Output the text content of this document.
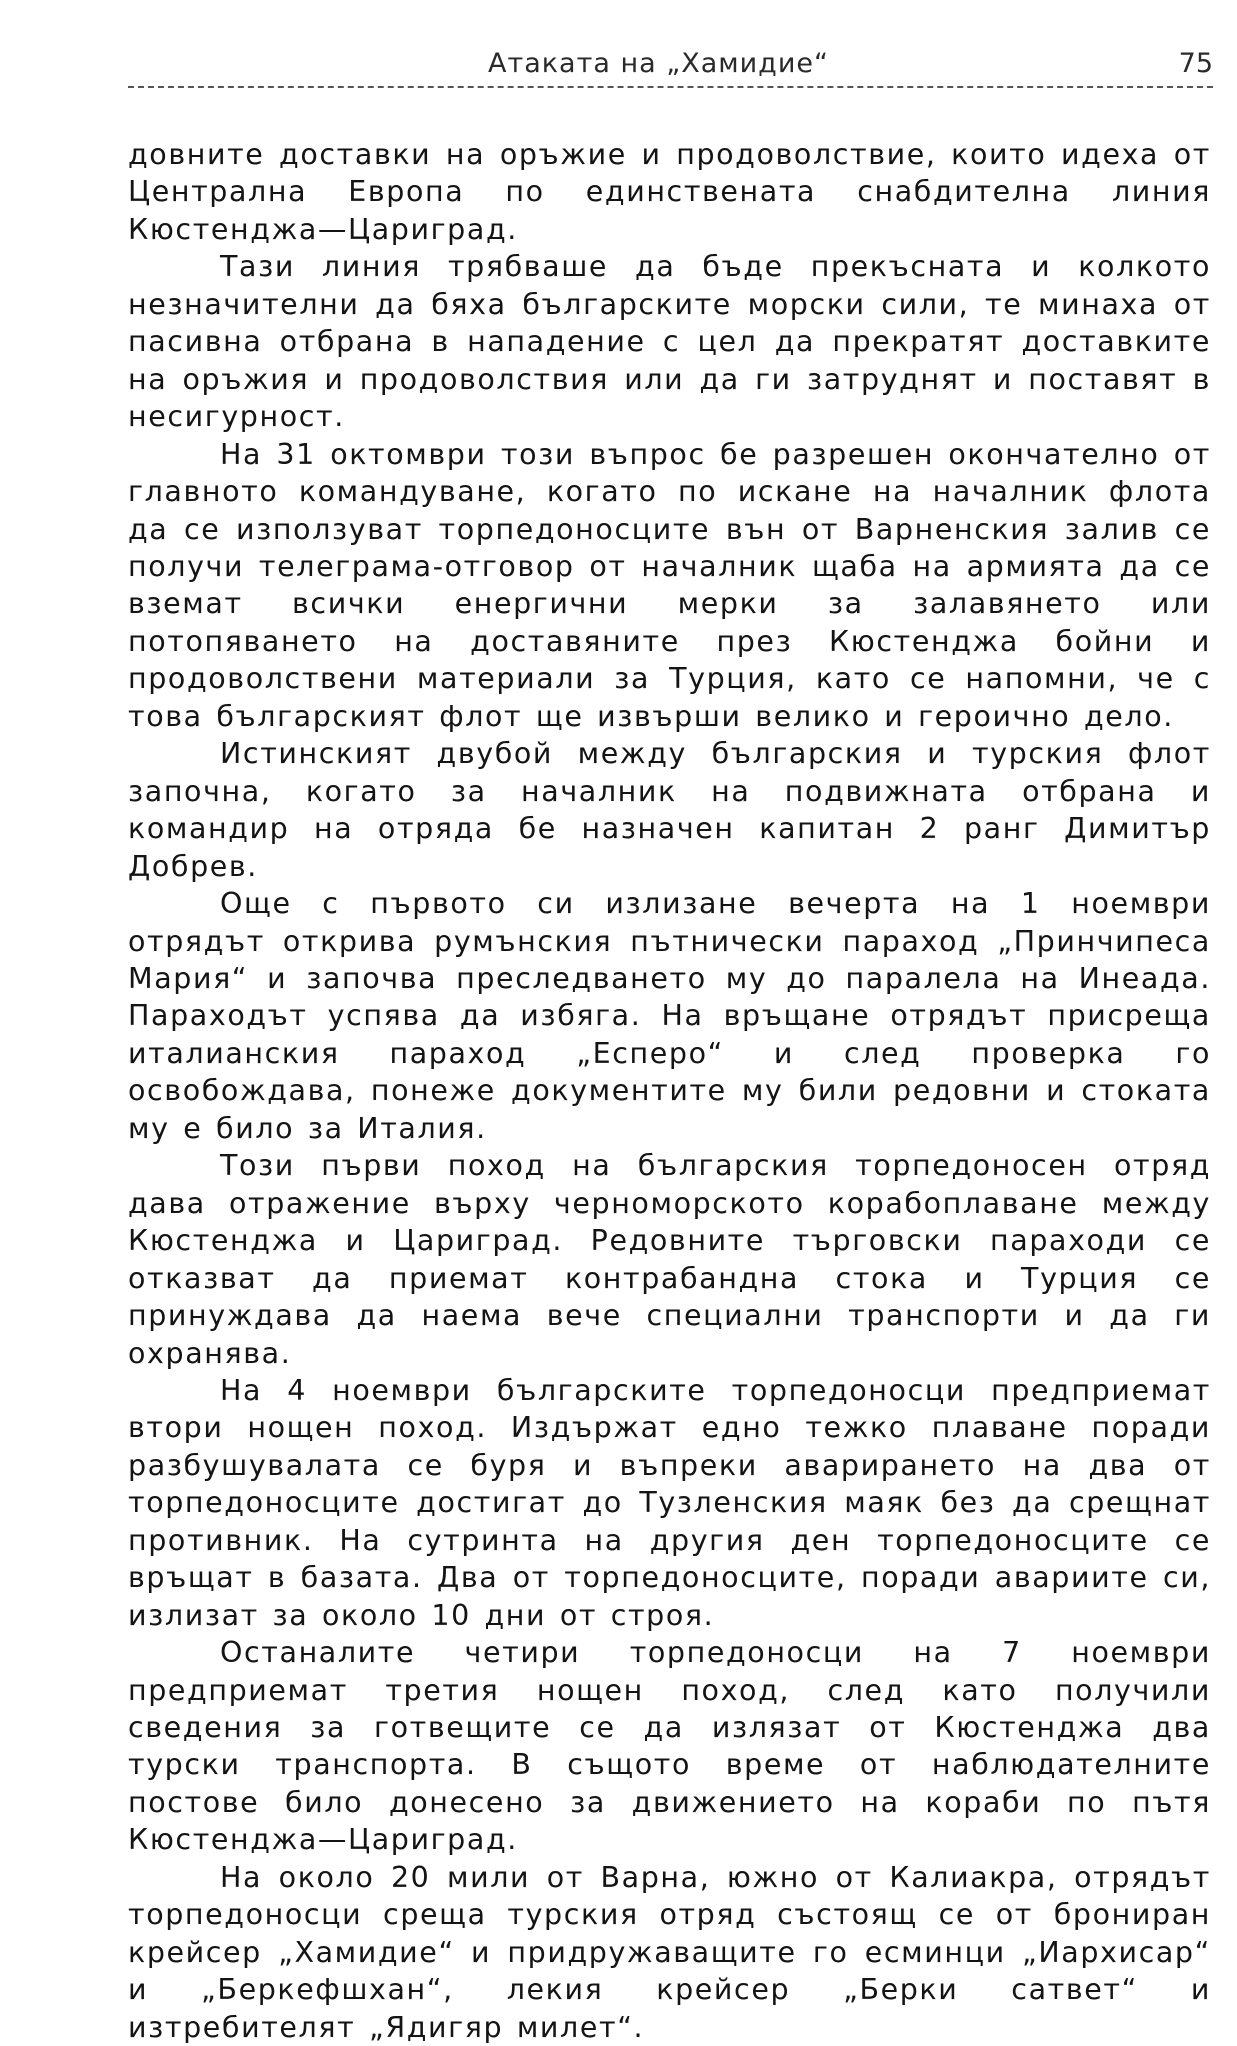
Атаката на „Хамидие“	75

довните доставки на оръжие и продоволствие, които идеха от Централна Европа по единствената снабдителна линия Кюстенджа—Цариград.

Тази линия трябваше да бъде прекъсната и колкото незначителни да бяха българските морски сили, те минаха от пасивна отбрана в нападение с цел да прекратят доставките на оръжия и продоволствия или да ги затруднят и поставят в несигурност.

На 31 октомври този въпрос бе разрешен окончателно от главното командуване, когато по искане на началник флота да се използуват торпедоносците вън от Варненския залив се получи телеграма-отговор от началник щаба на армията да се вземат всички енергични мерки за залавянето или потопяването на доставяните през Кюстенджа бойни и продоволствени материали за Турция, като се напомни, че с това българският флот ще извърши велико и героично дело.

Истинският двубой между българския и турския флот започна, когато за началник на подвижната отбрана и командир на отряда бе назначен капитан 2 ранг Димитър Добрев.

Още с първото си излизане вечерта на 1 ноември отрядът открива румънския пътнически параход „Принчипеса Мария“ и започва преследването му до паралела на Инеада. Параходът успява да избяга. На връщане отрядът присреща италианския параход „Есперо“ и след проверка го освобождава, понеже документите му били редовни и стоката му е било за Италия.

Този първи поход на българския торпедоносен отряд дава отражение върху черноморското корабоплаване между Кюстенджа и Цариград. Редовните търговски параходи се отказват да приемат контрабандна стока и Турция се принуждава да наема вече специални транспорти и да ги охранява.

На 4 ноември българските торпедоносци предприемат втори нощен поход. Издържат едно тежко плаване поради разбушувалата се буря и въпреки аварирането на два от торпедоносците достигат до Тузленския маяк без да срещнат противник. На сутринта на другия ден торпедоносците се връщат в базата. Два от торпедоносците, поради авариите си, излизат за около 10 дни от строя.

Останалите четири торпедоносци на 7 ноември предприемат третия нощен поход, след като получили сведения за готвещите се да излязат от Кюстенджа два турски транспорта. В същото време от наблюдателните постове било донесено за движението на кораби по пътя Кюстенджа—Цариград.

На около 20 мили от Варна, южно от Калиакра, отрядът торпедоносци среща турския отряд състоящ се от брониран крейсер „Хамидие“ и придружаващите го есминци „Иархисар“ и „Беркефшхан“, лекия крейсер „Берки сатвет“ и изтребителят „Ядигяр милет“.
